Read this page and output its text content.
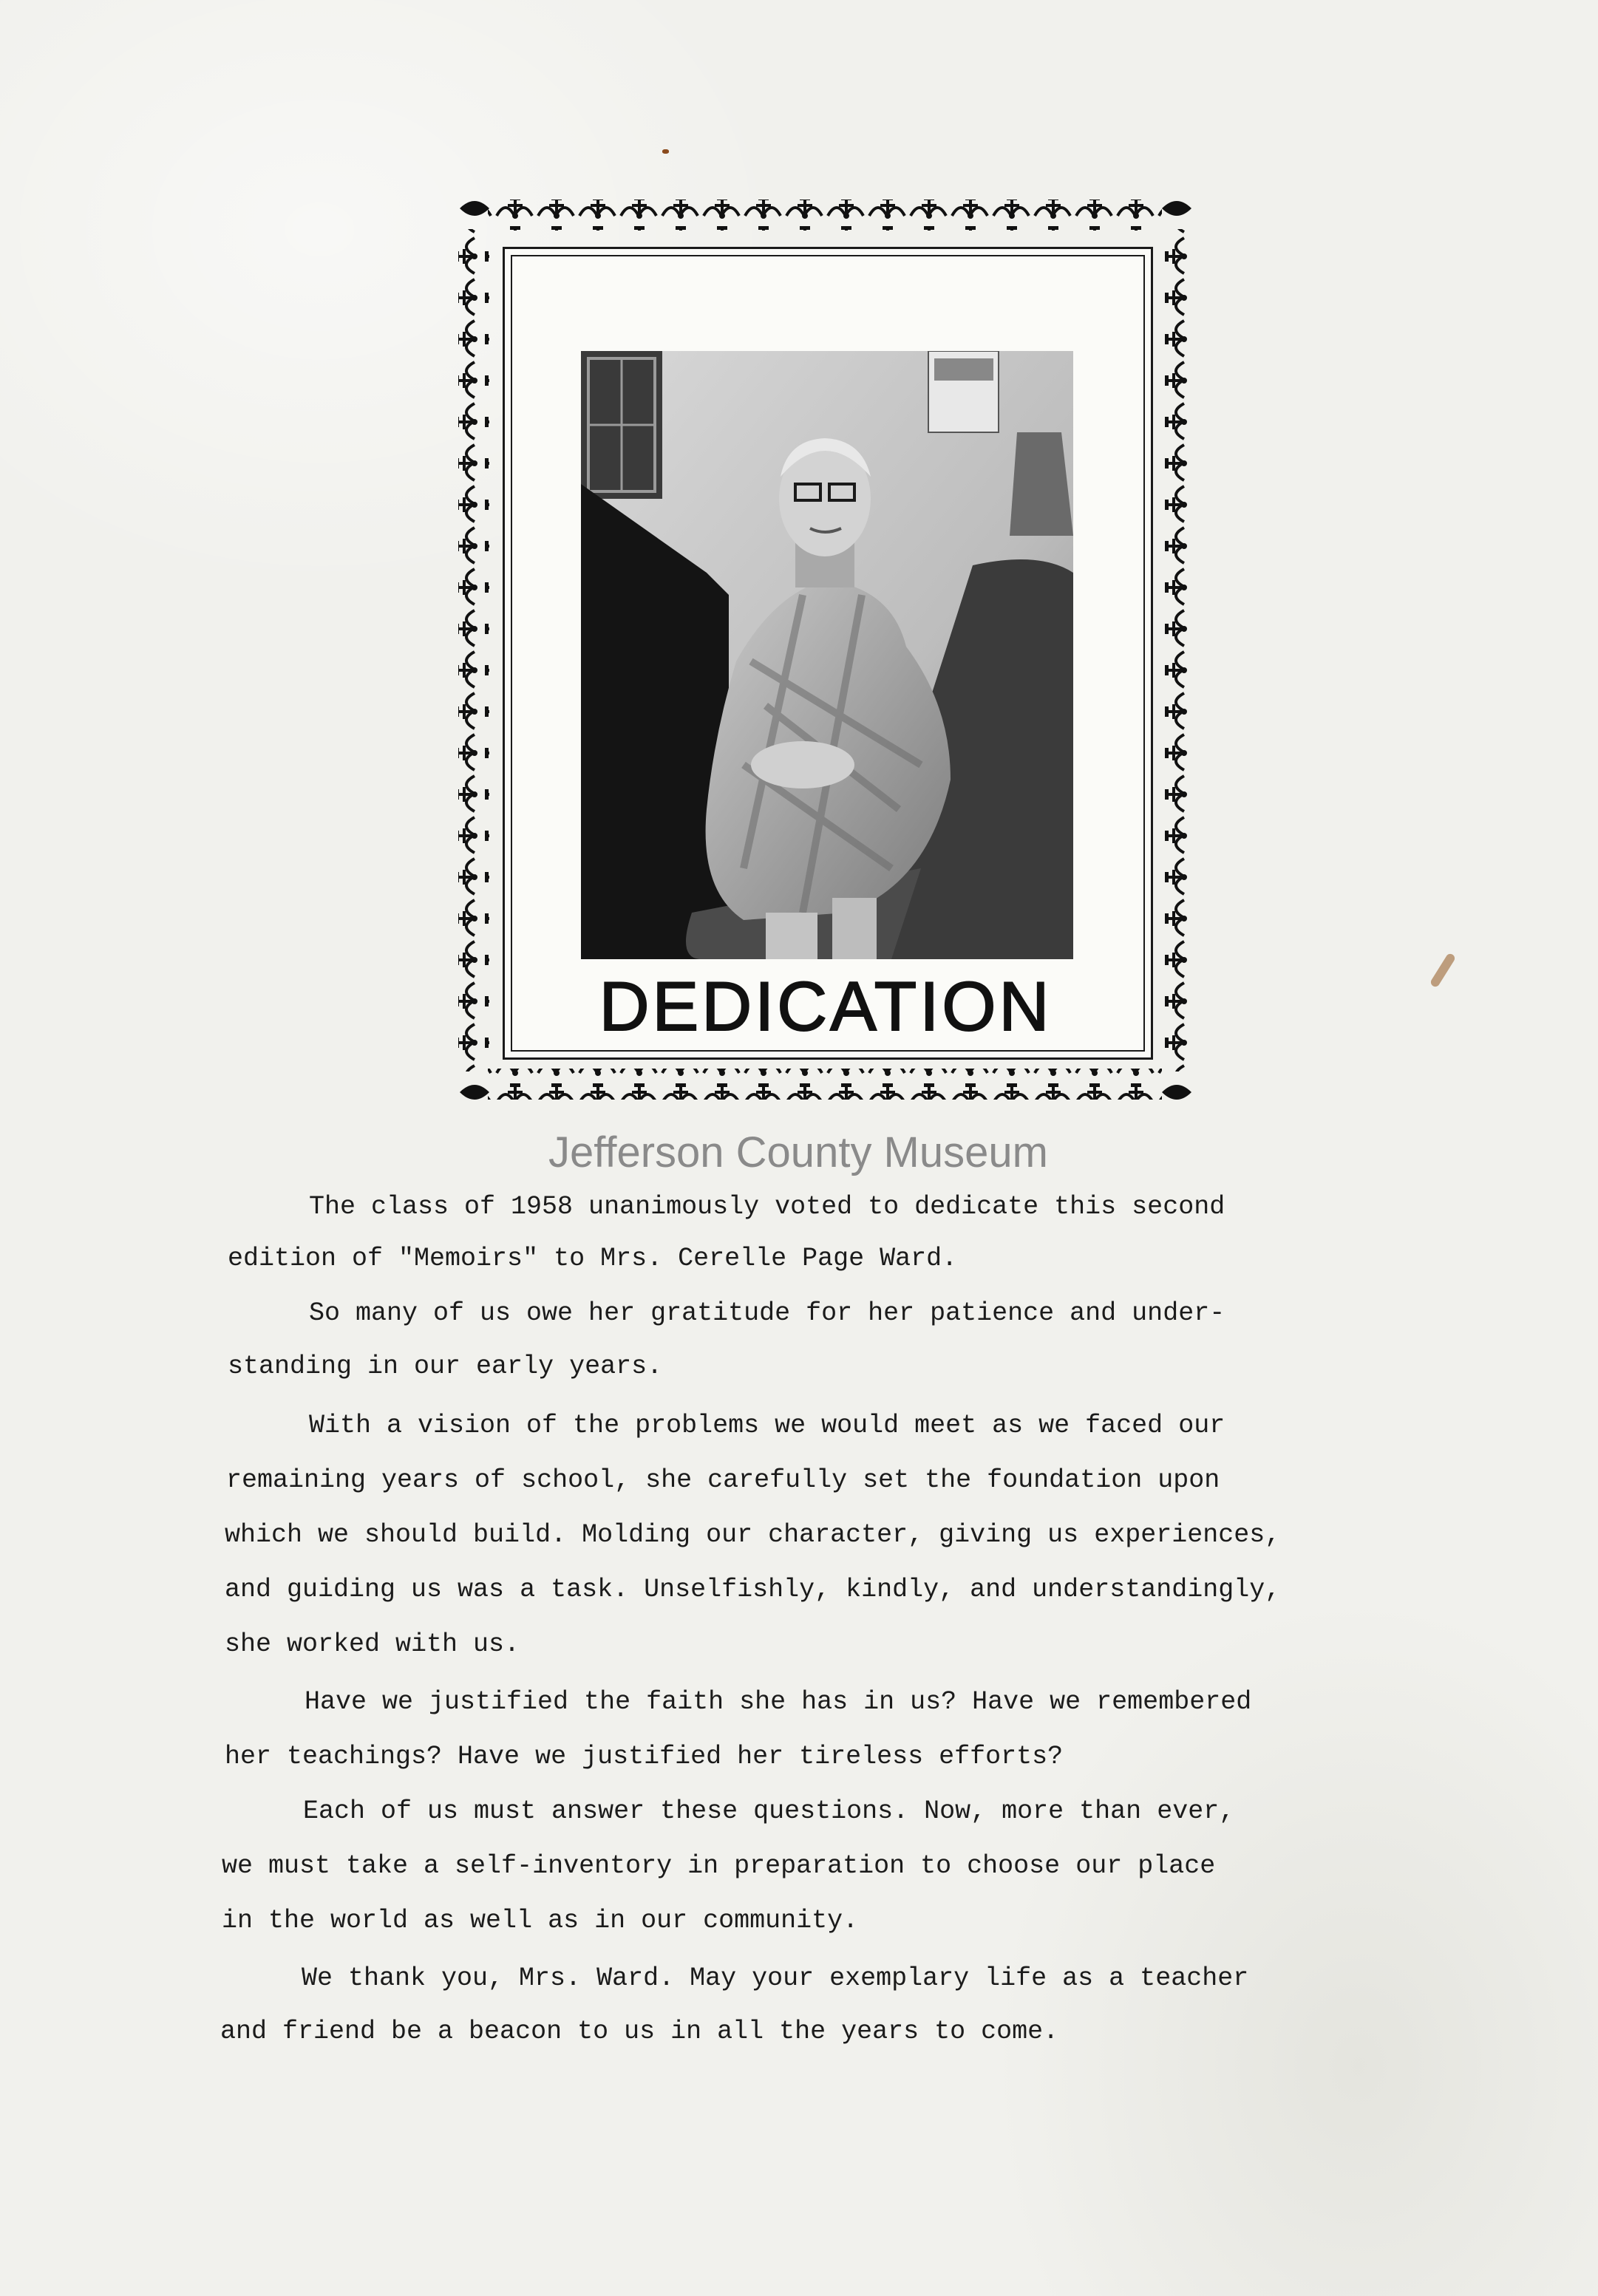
DEDICATION
Jefferson County Museum
The class of 1958 unanimously voted to dedicate this second
edition of "Memoirs" to Mrs. Cerelle Page Ward.
So many of us owe her gratitude for her patience and under-
standing in our early years.
With a vision of the problems we would meet as we faced our
remaining years of school, she carefully set the foundation upon
which we should build. Molding our character, giving us experiences,
and guiding us was a task. Unselfishly, kindly, and understandingly,
she worked with us.
Have we justified the faith she has in us? Have we remembered
her teachings? Have we justified her tireless efforts?
Each of us must answer these questions. Now, more than ever,
we must take a self-inventory in preparation to choose our place
in the world as well as in our community.
We thank you, Mrs. Ward. May your exemplary life as a teacher
and friend be a beacon to us in all the years to come.
